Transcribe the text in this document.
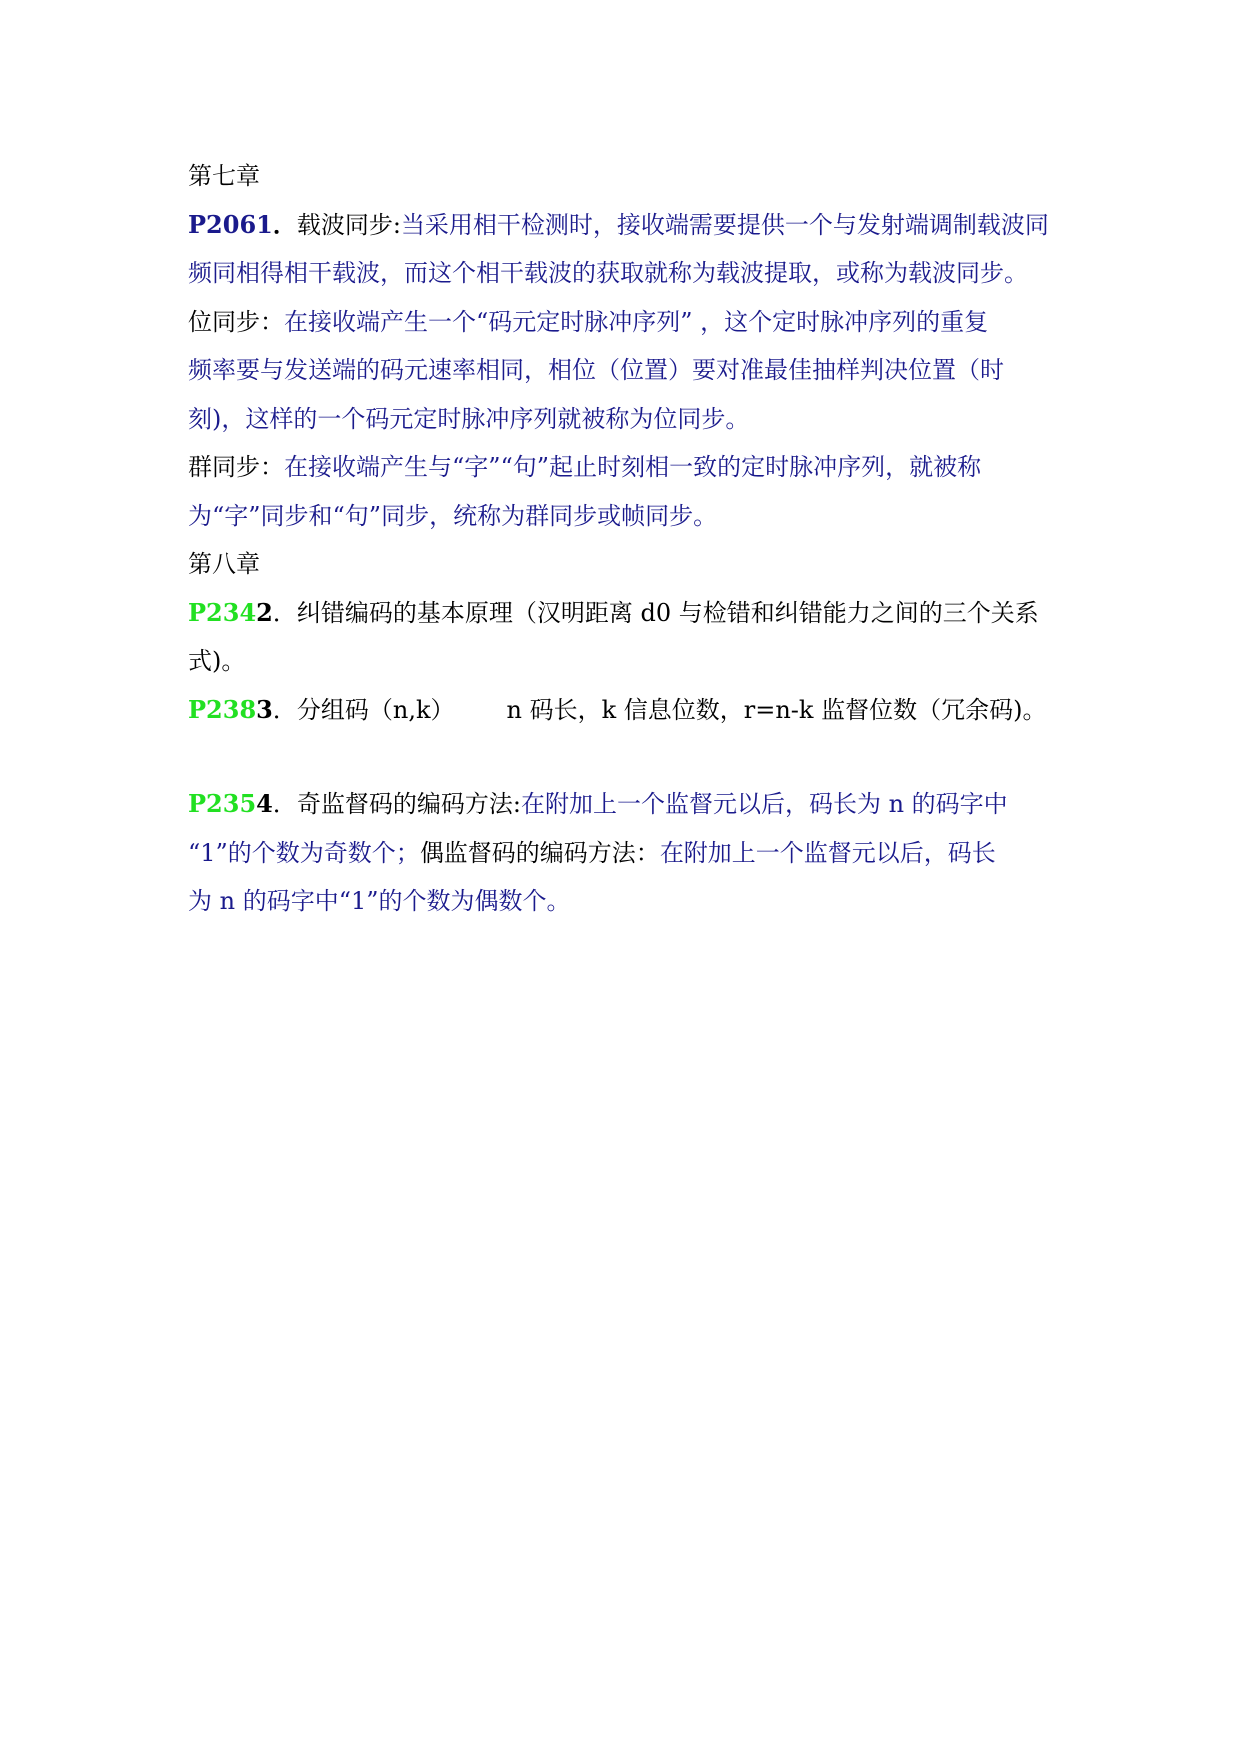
第七章
P2061．载波同步:当采用相干检测时，接收端需要提供一个与发射端调制载波同
频同相得相干载波，而这个相干载波的获取就称为载波提取，或称为载波同步。
位同步：在接收端产生一个“码元定时脉冲序列” ，这个定时脉冲序列的重复
频率要与发送端的码元速率相同，相位（位置）要对准最佳抽样判决位置（时
刻)，这样的一个码元定时脉冲序列就被称为位同步。
群同步：在接收端产生与“字”“句”起止时刻相一致的定时脉冲序列，就被称
为“字”同步和“句”同步，统称为群同步或帧同步。
第八章
P2342．纠错编码的基本原理（汉明距离 d0 与检错和纠错能力之间的三个关系
式)。
P2383．分组码（n,k） n 码长，k 信息位数，r=n-k 监督位数（冗余码)。
P2354．奇监督码的编码方法:在附加上一个监督元以后，码长为 n 的码字中
“1”的个数为奇数个；偶监督码的编码方法：在附加上一个监督元以后，码长
为 n 的码字中“1”的个数为偶数个。
